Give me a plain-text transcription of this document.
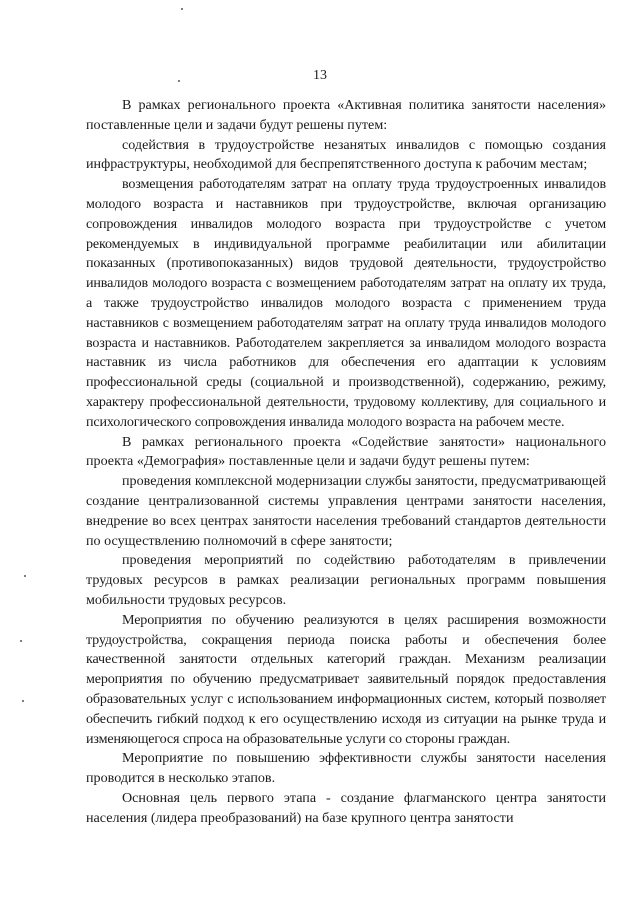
13

В рамках регионального проекта «Активная политика занятости населения» поставленные цели и задачи будут решены путем:

содействия в трудоустройстве незанятых инвалидов с помощью создания инфраструктуры, необходимой для беспрепятственного доступа к рабочим местам;

возмещения работодателям затрат на оплату труда трудоустроенных инвалидов молодого возраста и наставников при трудоустройстве, включая организацию сопровождения инвалидов молодого возраста при трудоустройстве с учетом рекомендуемых в индивидуальной программе реабилитации или абилитации показанных (противопоказанных) видов трудовой деятельности, трудоустройство инвалидов молодого возраста с возмещением работодателям затрат на оплату их труда, а также трудоустройство инвалидов молодого возраста с применением труда наставников с возмещением работодателям затрат на оплату труда инвалидов молодого возраста и наставников. Работодателем закрепляется за инвалидом молодого возраста наставник из числа работников для обеспечения его адаптации к условиям профессиональной среды (социальной и производственной), содержанию, режиму, характеру профессиональной деятельности, трудовому коллективу, для социального и психологического сопровождения инвалида молодого возраста на рабочем месте.

В рамках регионального проекта «Содействие занятости» национального проекта «Демография» поставленные цели и задачи будут решены путем:

проведения комплексной модернизации службы занятости, предусматривающей создание централизованной системы управления центрами занятости населения, внедрение во всех центрах занятости населения требований стандартов деятельности по осуществлению полномочий в сфере занятости;

проведения мероприятий по содействию работодателям в привлечении трудовых ресурсов в рамках реализации региональных программ повышения мобильности трудовых ресурсов.

Мероприятия по обучению реализуются в целях расширения возможности трудоустройства, сокращения периода поиска работы и обеспечения более качественной занятости отдельных категорий граждан. Механизм реализации мероприятия по обучению предусматривает заявительный порядок предоставления образовательных услуг с использованием информационных систем, который позволяет обеспечить гибкий подход к его осуществлению исходя из ситуации на рынке труда и изменяющегося спроса на образовательные услуги со стороны граждан.

Мероприятие по повышению эффективности службы занятости населения проводится в несколько этапов.

Основная цель первого этапа - создание флагманского центра занятости населения (лидера преобразований) на базе крупного центра занятости
